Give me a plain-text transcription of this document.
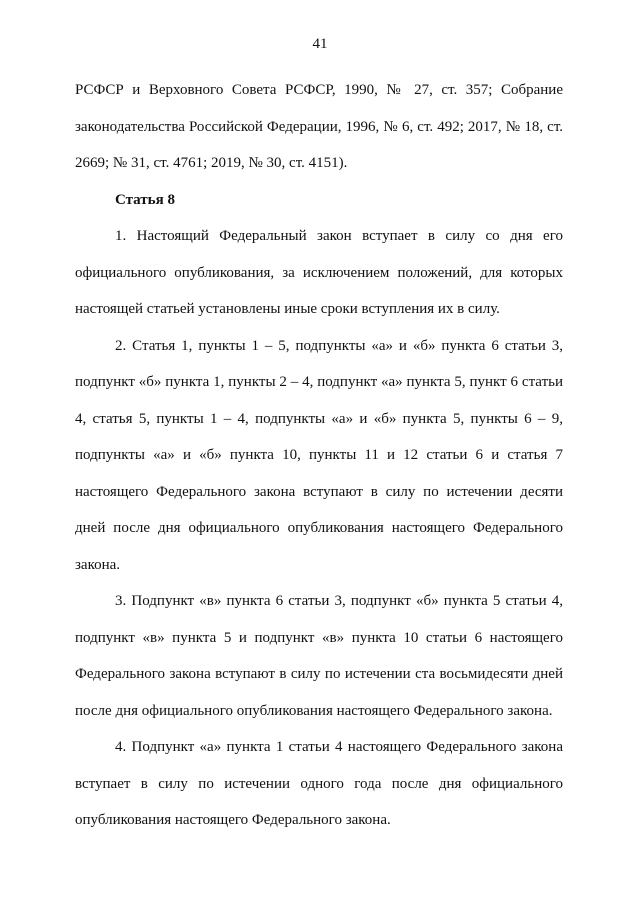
41

РСФСР и Верховного Совета РСФСР, 1990, № 27, ст. 357; Собрание законодательства Российской Федерации, 1996, № 6, ст. 492; 2017, № 18, ст. 2669; № 31, ст. 4761; 2019, № 30, ст. 4151).

Статья 8

1. Настоящий Федеральный закон вступает в силу со дня его официального опубликования, за исключением положений, для которых настоящей статьей установлены иные сроки вступления их в силу.

2. Статья 1, пункты 1 – 5, подпункты «а» и «б» пункта 6 статьи 3, подпункт «б» пункта 1, пункты 2 – 4, подпункт «а» пункта 5, пункт 6 статьи 4, статья 5, пункты 1 – 4, подпункты «а» и «б» пункта 5, пункты 6 – 9, подпункты «а» и «б» пункта 10, пункты 11 и 12 статьи 6 и статья 7 настоящего Федерального закона вступают в силу по истечении десяти дней после дня официального опубликования настоящего Федерального закона.

3. Подпункт «в» пункта 6 статьи 3, подпункт «б» пункта 5 статьи 4, подпункт «в» пункта 5 и подпункт «в» пункта 10 статьи 6 настоящего Федерального закона вступают в силу по истечении ста восьмидесяти дней после дня официального опубликования настоящего Федерального закона.

4. Подпункт «а» пункта 1 статьи 4 настоящего Федерального закона вступает в силу по истечении одного года после дня официального опубликования настоящего Федерального закона.
